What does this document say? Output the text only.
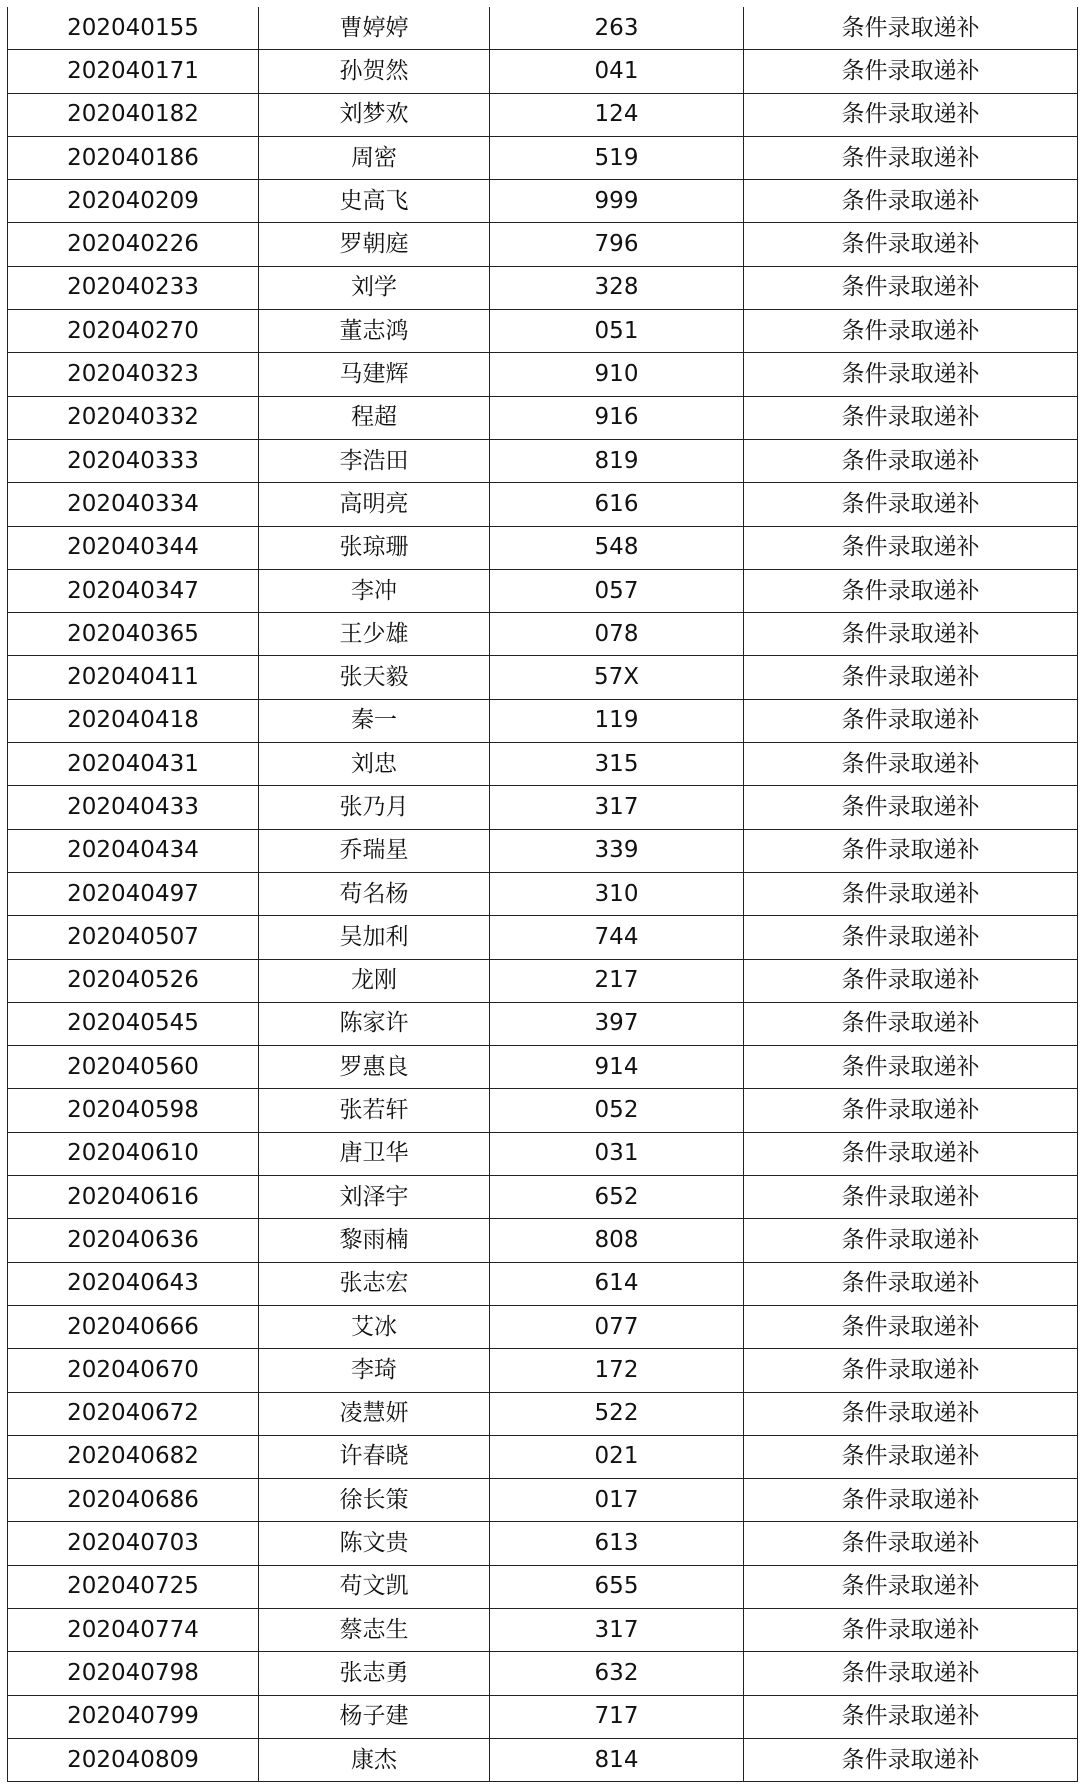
202040155	曹婷婷	263	条件录取递补
202040171	孙贺然	041	条件录取递补
202040182	刘梦欢	124	条件录取递补
202040186	周密	519	条件录取递补
202040209	史高飞	999	条件录取递补
202040226	罗朝庭	796	条件录取递补
202040233	刘学	328	条件录取递补
202040270	董志鸿	051	条件录取递补
202040323	马建辉	910	条件录取递补
202040332	程超	916	条件录取递补
202040333	李浩田	819	条件录取递补
202040334	高明亮	616	条件录取递补
202040344	张琼珊	548	条件录取递补
202040347	李冲	057	条件录取递补
202040365	王少雄	078	条件录取递补
202040411	张天毅	57X	条件录取递补
202040418	秦一	119	条件录取递补
202040431	刘忠	315	条件录取递补
202040433	张乃月	317	条件录取递补
202040434	乔瑞星	339	条件录取递补
202040497	苟名杨	310	条件录取递补
202040507	吴加利	744	条件录取递补
202040526	龙刚	217	条件录取递补
202040545	陈家许	397	条件录取递补
202040560	罗惠良	914	条件录取递补
202040598	张若轩	052	条件录取递补
202040610	唐卫华	031	条件录取递补
202040616	刘泽宇	652	条件录取递补
202040636	黎雨楠	808	条件录取递补
202040643	张志宏	614	条件录取递补
202040666	艾冰	077	条件录取递补
202040670	李琦	172	条件录取递补
202040672	凌慧妍	522	条件录取递补
202040682	许春晓	021	条件录取递补
202040686	徐长策	017	条件录取递补
202040703	陈文贵	613	条件录取递补
202040725	苟文凯	655	条件录取递补
202040774	蔡志生	317	条件录取递补
202040798	张志勇	632	条件录取递补
202040799	杨子建	717	条件录取递补
202040809	康杰	814	条件录取递补
